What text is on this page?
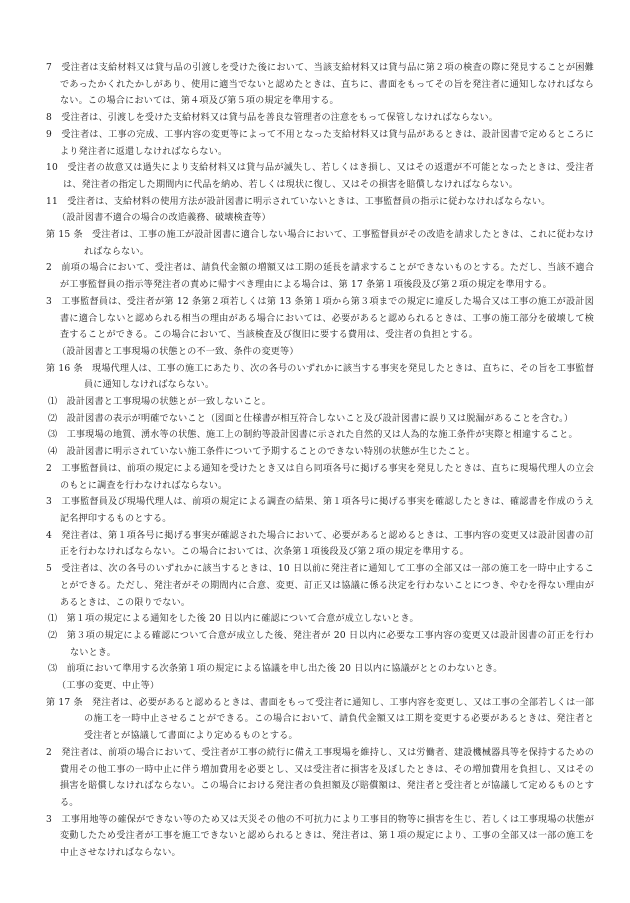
7　受注者は支給材料又は貸与品の引渡しを受けた後において、当該支給材料又は貸与品に第２項の検査の際に発見することが困難であったかくれたかしがあり、使用に適当でないと認めたときは、直ちに、書面をもってその旨を発注者に通知しなければならない。この場合においては、第４項及び第５項の規定を準用する。

8　受注者は、引渡しを受けた支給材料又は貸与品を善良な管理者の注意をもって保管しなければならない。

9　受注者は、工事の完成、工事内容の変更等によって不用となった支給材料又は貸与品があるときは、設計図書で定めるところにより発注者に返還しなければならない。

10　受注者の故意又は過失により支給材料又は貸与品が滅失し、若しくはき損し、又はその返還が不可能となったときは、受注者は、発注者の指定した期間内に代品を納め、若しくは現状に復し、又はその損害を賠償しなければならない。

11　受注者は、支給材料の使用方法が設計図書に明示されていないときは、工事監督員の指示に従わなければならない。

（設計図書不適合の場合の改造義務、破壊検査等）

第 15 条　受注者は、工事の施工が設計図書に適合しない場合において、工事監督員がその改造を請求したときは、これに従わなければならない。

2　前項の場合において、受注者は、請負代金額の増額又は工期の延長を請求することができないものとする。ただし、当該不適合が工事監督員の指示等発注者の責めに帰すべき理由による場合は、第 17 条第１項後段及び第２項の規定を準用する。

3　工事監督員は、受注者が第 12 条第２項若しくは第 13 条第１項から第３項までの規定に違反した場合又は工事の施工が設計図書に適合しないと認められる相当の理由がある場合においては、必要があると認められるときは、工事の施工部分を破壊して検査することができる。この場合において、当該検査及び復旧に要する費用は、受注者の負担とする。

（設計図書と工事現場の状態との不一致、条件の変更等）

第 16 条　現場代理人は、工事の施工にあたり、次の各号のいずれかに該当する事実を発見したときは、直ちに、その旨を工事監督員に通知しなければならない。

⑴　設計図書と工事現場の状態とが一致しないこと。

⑵　設計図書の表示が明確でないこと（図面と仕様書が相互符合しないこと及び設計図書に誤り又は脱漏があることを含む。）

⑶　工事現場の地質、湧水等の状態、施工上の制約等設計図書に示された自然的又は人為的な施工条件が実際と相違すること。

⑷　設計図書に明示されていない施工条件について予期することのできない特別の状態が生じたこと。

2　工事監督員は、前項の規定による通知を受けたとき又は自ら同項各号に掲げる事実を発見したときは、直ちに現場代理人の立会のもとに調査を行わなければならない。

3　工事監督員及び現場代理人は、前項の規定による調査の結果、第１項各号に掲げる事実を確認したときは、確認書を作成のうえ記名押印するものとする。

4　発注者は、第１項各号に掲げる事実が確認された場合において、必要があると認めるときは、工事内容の変更又は設計図書の訂正を行わなければならない。この場合においては、次条第１項後段及び第２項の規定を準用する。

5　受注者は、次の各号のいずれかに該当するときは、10 日以前に発注者に通知して工事の全部又は一部の施工を一時中止することができる。ただし、発注者がその期間内に合意、変更、訂正又は協議に係る決定を行わないことにつき、やむを得ない理由があるときは、この限りでない。

⑴　第１項の規定による通知をした後 20 日以内に確認について合意が成立しないとき。

⑵　第３項の規定による確認について合意が成立した後、発注者が 20 日以内に必要な工事内容の変更又は設計図書の訂正を行わないとき。

⑶　前項において準用する次条第１項の規定による協議を申し出た後 20 日以内に協議がととのわないとき。

（工事の変更、中止等）

第 17 条　発注者は、必要があると認めるときは、書面をもって受注者に通知し、工事内容を変更し、又は工事の全部若しくは一部の施工を一時中止させることができる。この場合において、請負代金額又は工期を変更する必要があるときは、発注者と受注者とが協議して書面により定めるものとする。

2　発注者は、前項の場合において、受注者が工事の続行に備え工事現場を維持し、又は労働者、建設機械器具等を保持するための費用その他工事の一時中止に伴う増加費用を必要とし、又は受注者に損害を及ぼしたときは、その増加費用を負担し、又はその損害を賠償しなければならない。この場合における発注者の負担額及び賠償額は、発注者と受注者とが協議して定めるものとする。

3　工事用地等の確保ができない等のため又は天災その他の不可抗力により工事目的物等に損害を生じ、若しくは工事現場の状態が変動したため受注者が工事を施工できないと認められるときは、発注者は、第１項の規定により、工事の全部又は一部の施工を中止させなければならない。
